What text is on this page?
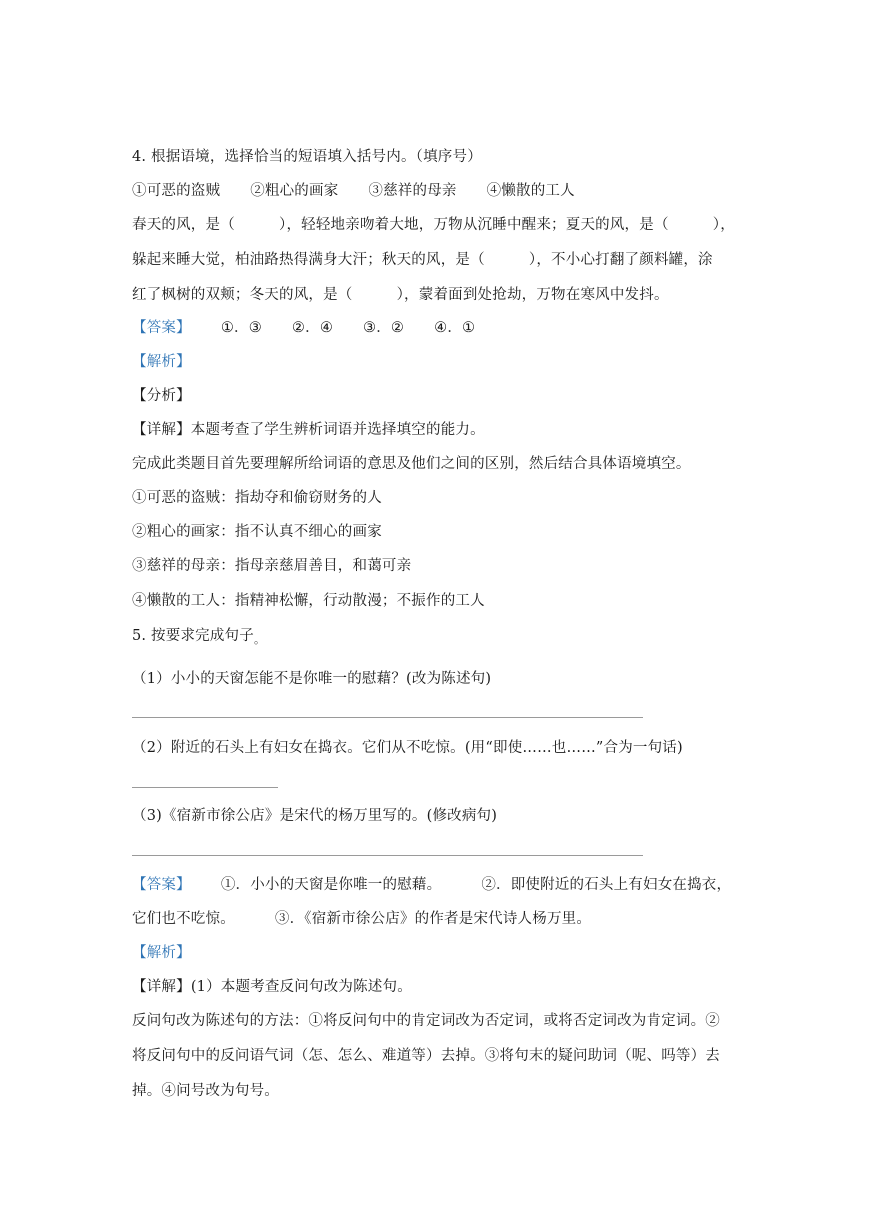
4. 根据语境，选择恰当的短语填入括号内。（填序号）

①可恶的盗贼 ②粗心的画家 ③慈祥的母亲 ④懒散的工人

春天的风，是（　　　），轻轻地亲吻着大地，万物从沉睡中醒来；夏天的风，是（　　　），

躲起来睡大觉，柏油路热得满身大汗；秋天的风，是（　　　），不小心打翻了颜料罐，涂

红了枫树的双颊；冬天的风，是（　　　），蒙着面到处抢劫，万物在寒风中发抖。

【答案】 ①．③ ②．④ ③．② ④．①

【解析】

【分析】

【详解】本题考查了学生辨析词语并选择填空的能力。

完成此类题目首先要理解所给词语的意思及他们之间的区别，然后结合具体语境填空。

①可恶的盗贼：指劫夺和偷窃财务的人

②粗心的画家：指不认真不细心的画家

③慈祥的母亲：指母亲慈眉善目，和蔼可亲

④懒散的工人：指精神松懈，行动散漫；不振作的工人

5. 按要求完成句子$_。$

（1）小小的天窗怎能不是你唯一的慰藉？(改为陈述句)

（2）附近的石头上有妇女在捣衣。它们从不吃惊。(用“即使……也……”合为一句话)

（3)《宿新市徐公店》是宋代的杨万里写的。(修改病句)

【答案】 ①．小小的天窗是你唯一的慰藉。	②．即使附近的石头上有妇女在捣衣，

它们也不吃惊。	③．《宿新市徐公店》的作者是宋代诗人杨万里。

【解析】

【详解】(1）本题考查反问句改为陈述句。

反问句改为陈述句的方法：①将反问句中的肯定词改为否定词，或将否定词改为肯定词。②

将反问句中的反问语气词（怎、怎么、难道等）去掉。③将句末的疑问助词（呢、吗等）去

掉。④问号改为句号。
